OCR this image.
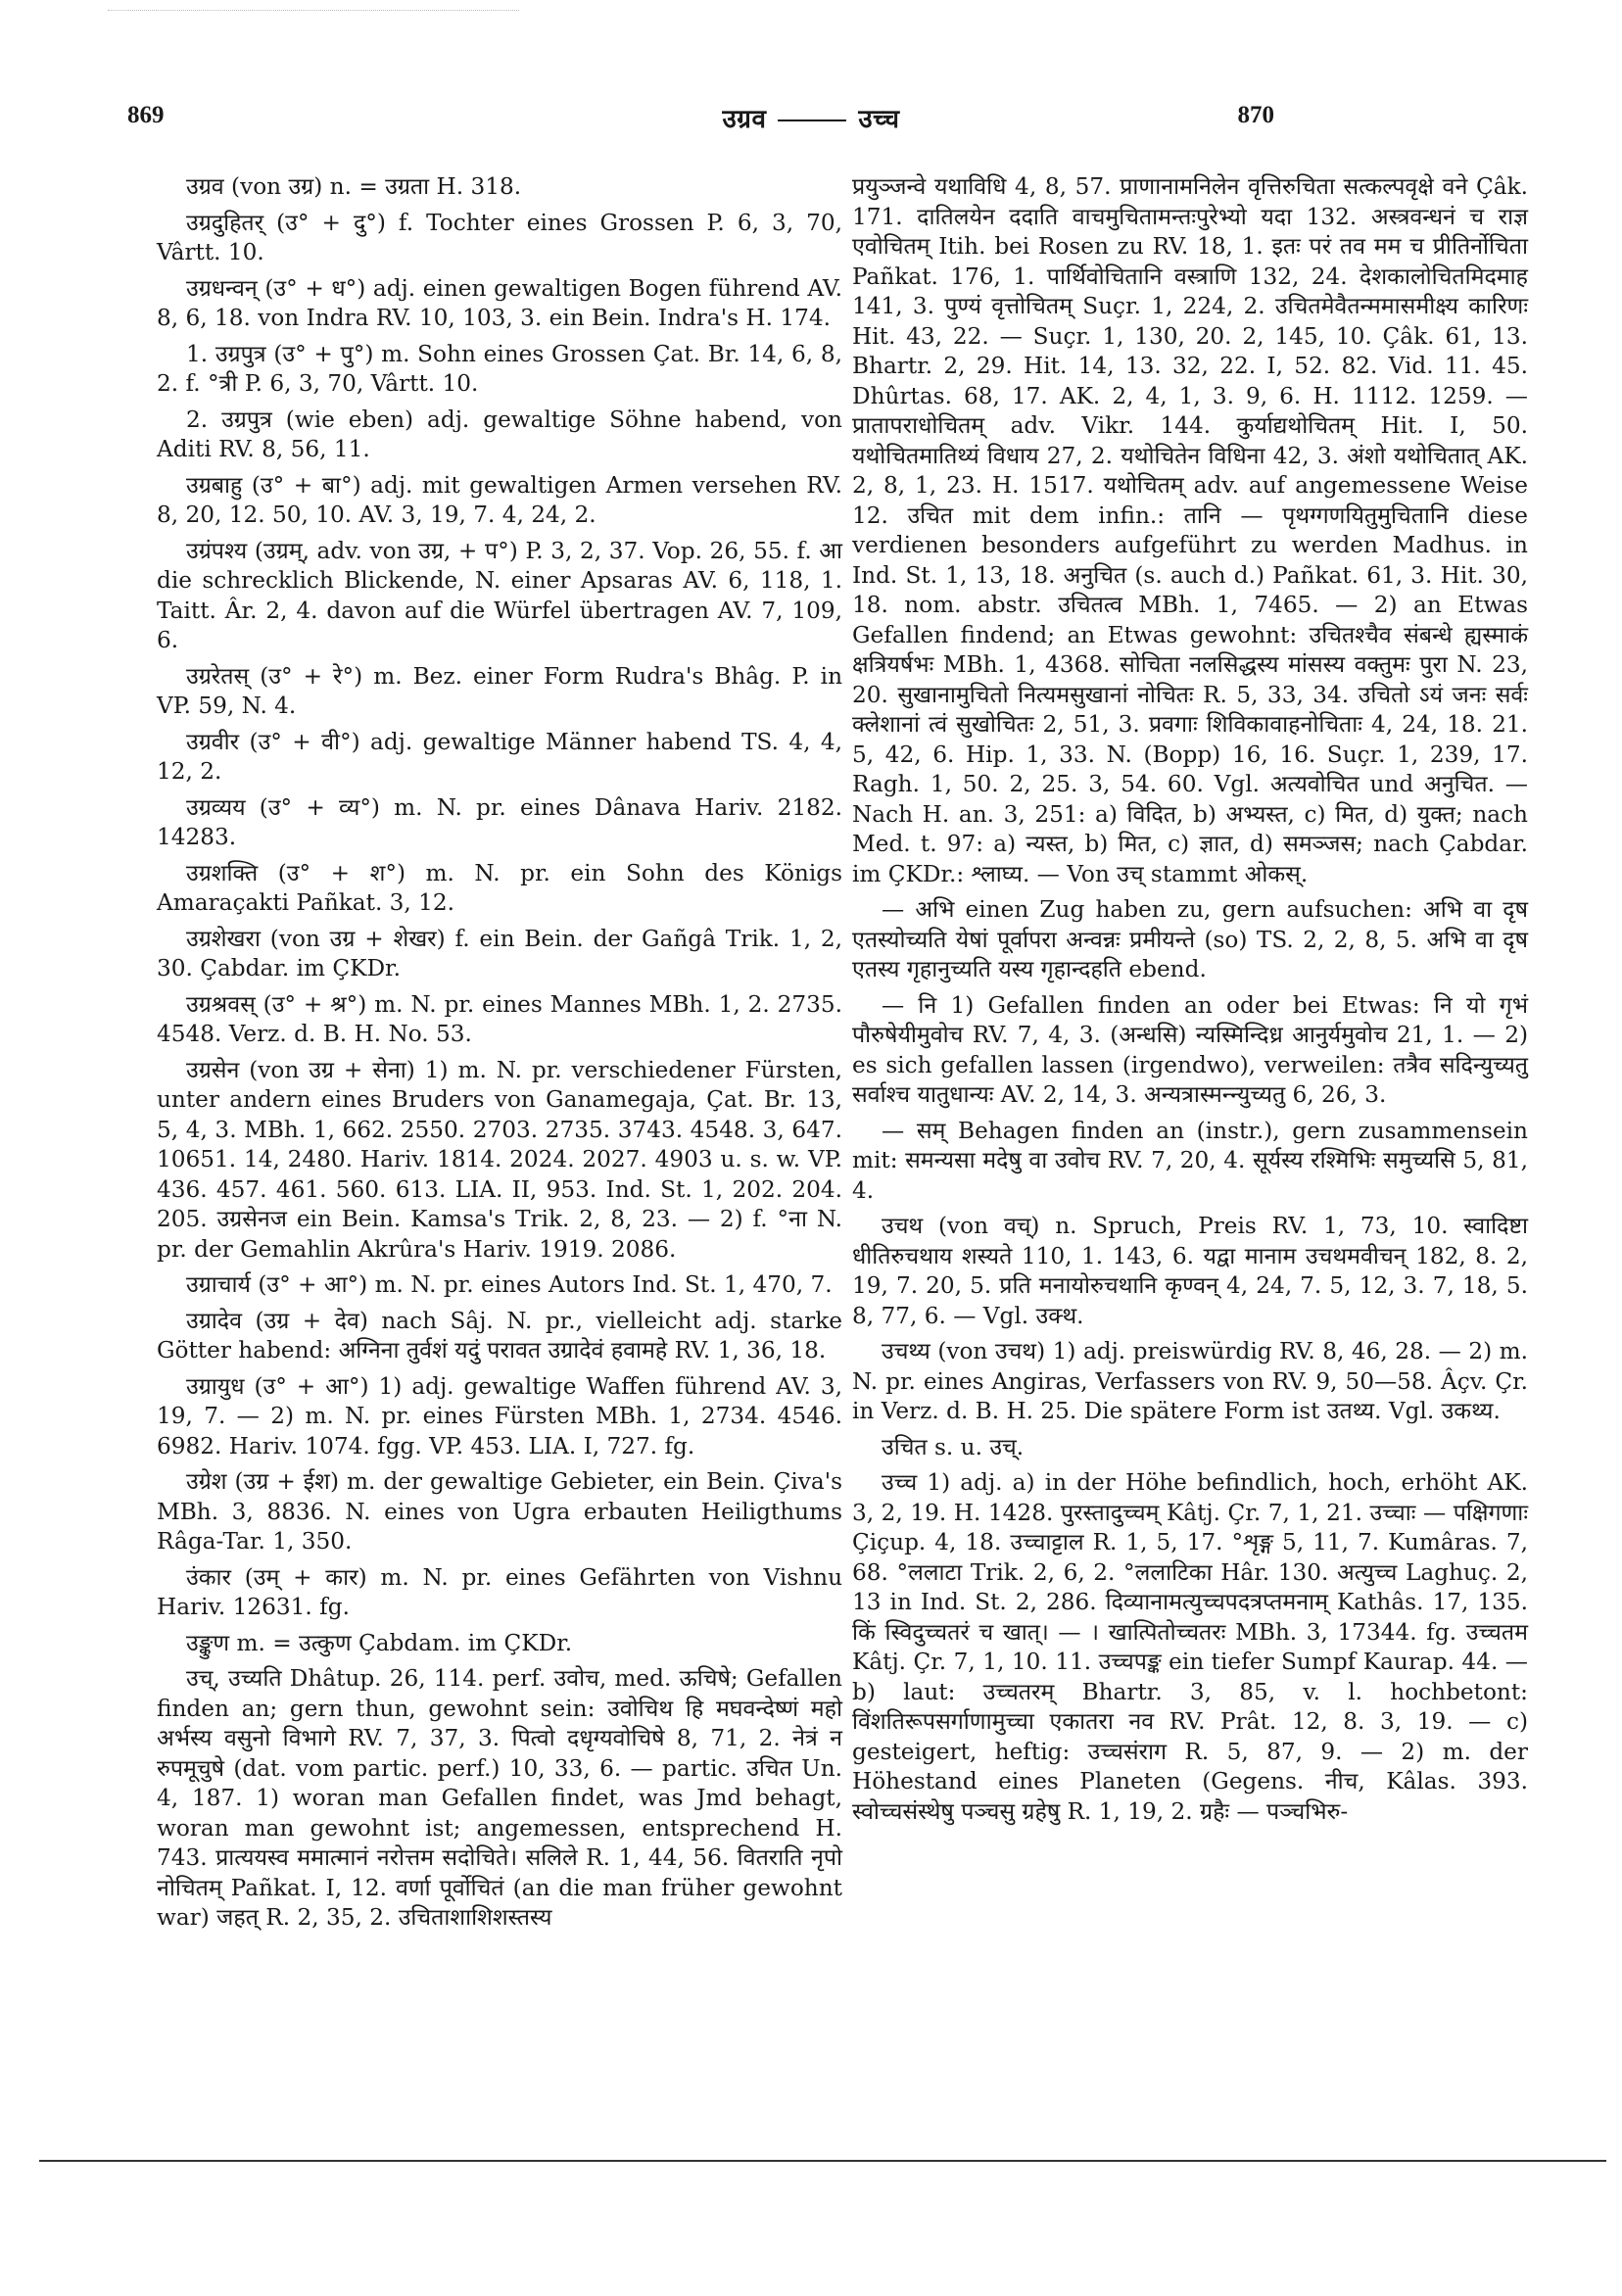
869	उग्रव	उच्च	870

उग्रव (von उग्र) n. = उग्रता H. 318.

उग्रदुहितर् (उ° + दु°) f. Tochter eines Grossen P. 6, 3, 70, Vârtt. 10.

उग्रधन्वन् (उ° + ध°) adj. einen gewaltigen Bogen führend AV. 8, 6, 18. von Indra RV. 10, 103, 3. ein Bein. Indra's H. 174.

1. उग्रपुत्र (उ° + पु°) m. Sohn eines Grossen Çat. Br. 14, 6, 8, 2. f. °त्री P. 6, 3, 70, Vârtt. 10.

2. उग्रपुत्र (wie eben) adj. gewaltige Söhne habend, von Aditi RV. 8, 56, 11.

उग्रबाहु (उ° + बा°) adj. mit gewaltigen Armen versehen RV. 8, 20, 12. 50, 10. AV. 3, 19, 7. 4, 24, 2.

उग्रंपश्य (उग्रम्, adv. von उग्र, + प°) P. 3, 2, 37. Vop. 26, 55. f. आ die schrecklich Blickende, N. einer Apsaras AV. 6, 118, 1. Taitt. Âr. 2, 4. davon auf die Würfel übertragen AV. 7, 109, 6.

उग्ररेतस् (उ° + रे°) m. Bez. einer Form Rudra's Bhâg. P. in VP. 59, N. 4.

उग्रवीर (उ° + वी°) adj. gewaltige Männer habend TS. 4, 4, 12, 2.

उग्रव्यय (उ° + व्य°) m. N. pr. eines Dânava Hariv. 2182. 14283.

उग्रशक्ति (उ° + श°) m. N. pr. ein Sohn des Königs Amaraçakti Pañkat. 3, 12.

उग्रशेखरा (von उग्र + शेखर) f. ein Bein. der Gañgâ Trik. 1, 2, 30. Çabdar. im ÇKDr.

उग्रश्रवस् (उ° + श्र°) m. N. pr. eines Mannes MBh. 1, 2. 2735. 4548. Verz. d. B. H. No. 53.

उग्रसेन (von उग्र + सेना) 1) m. N. pr. verschiedener Fürsten, unter andern eines Bruders von Ganamegaja, Çat. Br. 13, 5, 4, 3. MBh. 1, 662. 2550. 2703. 2735. 3743. 4548. 3, 647. 10651. 14, 2480. Hariv. 1814. 2024. 2027. 4903 u. s. w. VP. 436. 457. 461. 560. 613. LIA. II, 953. Ind. St. 1, 202. 204. 205. उग्रसेनज ein Bein. Kamsa's Trik. 2, 8, 23. — 2) f. °ना N. pr. der Gemahlin Akrûra's Hariv. 1919. 2086.

उग्राचार्य (उ° + आ°) m. N. pr. eines Autors Ind. St. 1, 470, 7.

उग्रादेव (उग्र + देव) nach Sâj. N. pr., vielleicht adj. starke Götter habend: अग्निना तुर्वशं यदुं परावत उग्रादेवं हवामहे RV. 1, 36, 18.

उग्रायुध (उ° + आ°) 1) adj. gewaltige Waffen führend AV. 3, 19, 7. — 2) m. N. pr. eines Fürsten MBh. 1, 2734. 4546. 6982. Hariv. 1074. fgg. VP. 453. LIA. I, 727. fg.

उग्रेश (उग्र + ईश) m. der gewaltige Gebieter, ein Bein. Çiva's MBh. 3, 8836. N. eines von Ugra erbauten Heiligthums Râga-Tar. 1, 350.

उंकार (उम् + कार) m. N. pr. eines Gefährten von Vishnu Hariv. 12631. fg.

उङ्कुण m. = उत्कुण Çabdam. im ÇKDr.

उच्, उच्यति Dhâtup. 26, 114. perf. उवोच, med. ऊचिषे; Gefallen finden an; gern thun, gewohnt sein: उवोचिथ हि मघवन्देष्णं महो अर्भस्य वसुनो विभागे RV. 7, 37, 3. पित्वो दधृग्यवोचिषे 8, 71, 2. नेत्रं न रुपमूचुषे (dat. vom partic. perf.) 10, 33, 6. — partic. उचित Un. 4, 187. 1) woran man Gefallen findet, was Jmd behagt, woran man gewohnt ist; angemessen, entsprechend H. 743. प्रात्ययस्व ममात्मानं नरोत्तम सदोचिते। सलिले R. 1, 44, 56. वितराति नृपो नोचितम् Pañkat. I, 12. वर्णा पूर्वोचितं (an die man früher gewohnt war) जहत् R. 2, 35, 2. उचिताशाशिशस्तस्य

प्रयुञ्जन्वे यथाविधि 4, 8, 57. प्राणानामनिलेन वृत्तिरुचिता सत्कल्पवृक्षे वने Çâk. 171. दातिलयेन ददाति वाचमुचितामन्तःपुरेभ्यो यदा 132. अस्त्रवन्धनं च राज्ञ एवोचितम् Itih. bei Rosen zu RV. 18, 1. इतः परं तव मम च प्रीतिर्नोचिता Pañkat. 176, 1. पार्थिवोचितानि वस्त्राणि 132, 24. देशकालोचितमिदमाह 141, 3. पुण्यं वृत्तोचितम् Suçr. 1, 224, 2. उचितमेवैतन्ममासमीक्ष्य कारिणः Hit. 43, 22. — Suçr. 1, 130, 20. 2, 145, 10. Çâk. 61, 13. Bhartr. 2, 29. Hit. 14, 13. 32, 22. I, 52. 82. Vid. 11. 45. Dhûrtas. 68, 17. AK. 2, 4, 1, 3. 9, 6. H. 1112. 1259. — प्रातापराधोचितम् adv. Vikr. 144. कुर्याद्यथोचितम् Hit. I, 50. यथोचितमातिथ्यं विधाय 27, 2. यथोचितेन विधिना 42, 3. अंशो यथोचितात् AK. 2, 8, 1, 23. H. 1517. यथोचितम् adv. auf angemessene Weise 12. उचित mit dem infin.: तानि — पृथग्गणयितुमुचितानि diese verdienen besonders aufgeführt zu werden Madhus. in Ind. St. 1, 13, 18. अनुचित (s. auch d.) Pañkat. 61, 3. Hit. 30, 18. nom. abstr. उचितत्व MBh. 1, 7465. — 2) an Etwas Gefallen findend; an Etwas gewohnt: उचितश्चैव संबन्धे ह्यस्माकं क्षत्रियर्षभः MBh. 1, 4368. सोचिता नलसिद्धस्य मांसस्य वक्तुमः पुरा N. 23, 20. सुखानामुचितो नित्यमसुखानां नोचितः R. 5, 33, 34. उचितो ऽयं जनः सर्वः क्लेशानां त्वं सुखोचितः 2, 51, 3. प्रवगाः शिविकावाहनोचिताः 4, 24, 18. 21. 5, 42, 6. Hip. 1, 33. N. (Bopp) 16, 16. Suçr. 1, 239, 17. Ragh. 1, 50. 2, 25. 3, 54. 60. Vgl. अत्यवोचित und अनुचित. — Nach H. an. 3, 251: a) विदित, b) अभ्यस्त, c) मित, d) युक्त; nach Med. t. 97: a) न्यस्त, b) मित, c) ज्ञात, d) समञ्जस; nach Çabdar. im ÇKDr.: श्लाघ्य. — Von उच् stammt ओकस्.

— अभि einen Zug haben zu, gern aufsuchen: अभि वा दृष एतस्योच्यति येषां पूर्वापरा अन्वन्नः प्रमीयन्ते (so) TS. 2, 2, 8, 5. अभि वा दृष एतस्य गृहानुच्यति यस्य गृहान्दहति ebend.

— नि 1) Gefallen finden an oder bei Etwas: नि यो गृभं पौरुषेयीमुवोच RV. 7, 4, 3. (अन्धसि) न्यस्मिन्दिध्र आनुर्यमुवोच 21, 1. — 2) es sich gefallen lassen (irgendwo), verweilen: तत्रैव सदिन्युच्यतु सर्वाश्च यातुधान्यः AV. 2, 14, 3. अन्यत्रास्मन्न्युच्यतु 6, 26, 3.

— सम् Behagen finden an (instr.), gern zusammensein mit: समन्यसा मदेषु वा उवोच RV. 7, 20, 4. सूर्यस्य रश्मिभिः समुच्यसि 5, 81, 4.

उचथ (von वच्) n. Spruch, Preis RV. 1, 73, 10. स्वादिष्टा धीतिरुचथाय शस्यते 110, 1. 143, 6. यद्वा मानाम उचथमवीचन् 182, 8. 2, 19, 7. 20, 5. प्रति मनायोरुचथानि कृण्वन् 4, 24, 7. 5, 12, 3. 7, 18, 5. 8, 77, 6. — Vgl. उक्थ.

उचथ्य (von उचथ) 1) adj. preiswürdig RV. 8, 46, 28. — 2) m. N. pr. eines Angiras, Verfassers von RV. 9, 50—58. Âçv. Çr. in Verz. d. B. H. 25. Die spätere Form ist उतथ्य. Vgl. उकथ्य.

उचित s. u. उच्.

उच्च 1) adj. a) in der Höhe befindlich, hoch, erhöht AK. 3, 2, 19. H. 1428. पुरस्तादुच्चम् Kâtj. Çr. 7, 1, 21. उच्चाः — पक्षिगणाः Çiçup. 4, 18. उच्चाट्टाल R. 1, 5, 17. °शृङ्ग 5, 11, 7. Kumâras. 7, 68. °ललाटा Trik. 2, 6, 2. °ललाटिका Hâr. 130. अत्युच्च Laghuç. 2, 13 in Ind. St. 2, 286. दिव्यानामत्युच्चपदत्रप्तमनाम् Kathâs. 17, 135. किं स्विदुच्चतरं च खात्। — । खात्पितोच्चतरः MBh. 3, 17344. fg. उच्चतम Kâtj. Çr. 7, 1, 10. 11. उच्चपङ्क ein tiefer Sumpf Kaurap. 44. — b) laut: उच्चतरम् Bhartr. 3, 85, v. l. hochbetont: विंशतिरूपसर्गाणामुच्चा एकातरा नव RV. Prât. 12, 8. 3, 19. — c) gesteigert, heftig: उच्चसंराग R. 5, 87, 9. — 2) m. der Höhestand eines Planeten (Gegens. नीच, Kâlas. 393. स्वोच्चसंस्थेषु पञ्चसु ग्रहेषु R. 1, 19, 2. ग्रहैः — पञ्चभिरु-
